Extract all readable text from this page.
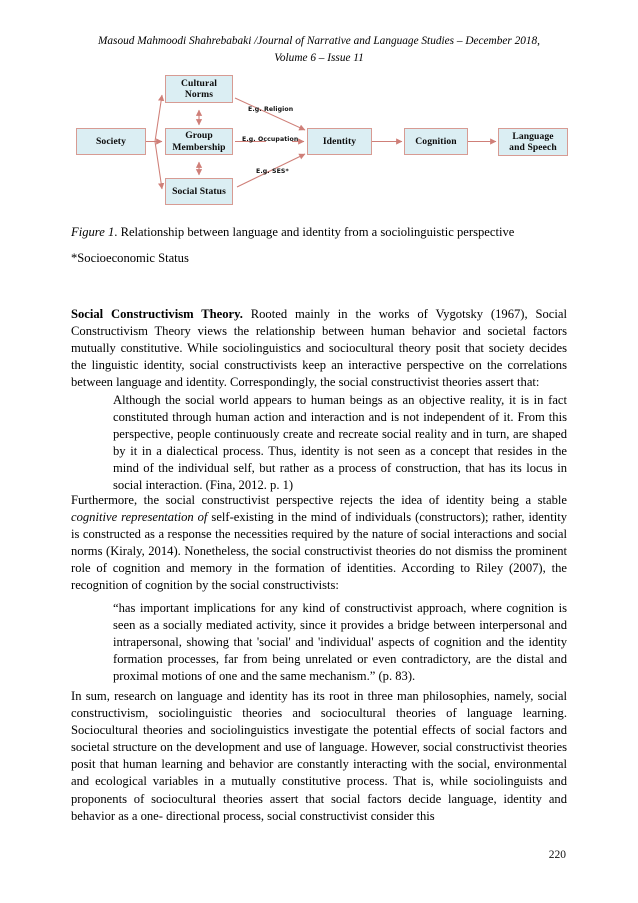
Masoud Mahmoodi Shahrebabaki /Journal of Narrative and Language Studies – December 2018,
Volume 6 – Issue 11
Society
Cultural
Norms
Group
Membership
Social Status
Identity	Cognition	Language
and Speech
E.g. Religion
E.g. Occupation
E.g. SES*
Figure 1. Relationship between language and identity from a sociolinguistic perspective
*Socioeconomic Status
Social Constructivism Theory. Rooted mainly in the works of Vygotsky (1967), Social Constructivism Theory views the relationship between human behavior and societal factors mutually constitutive. While sociolinguistics and sociocultural theory posit that society decides the linguistic identity, social constructivists keep an interactive perspective on the correlations between language and identity. Correspondingly, the social constructivist theories assert that:
Although the social world appears to human beings as an objective reality, it is in fact constituted through human action and interaction and is not independent of it. From this perspective, people continuously create and recreate social reality and in turn, are shaped by it in a dialectical process. Thus, identity is not seen as a concept that resides in the mind of the individual self, but rather as a process of construction, that has its locus in social interaction. (Fina, 2012. p. 1)
Furthermore, the social constructivist perspective rejects the idea of identity being a stable cognitive representation of self-existing in the mind of individuals (constructors); rather, identity is constructed as a response the necessities required by the nature of social interactions and social norms (Kiraly, 2014). Nonetheless, the social constructivist theories do not dismiss the prominent role of cognition and memory in the formation of identities. According to Riley (2007), the recognition of cognition by the social constructivists:
“has important implications for any kind of constructivist approach, where cognition is seen as a socially mediated activity, since it provides a bridge between interpersonal and intrapersonal, showing that 'social' and 'individual' aspects of cognition and the identity formation processes, far from being unrelated or even contradictory, are the distal and proximal motions of one and the same mechanism.” (p. 83).
In sum, research on language and identity has its root in three man philosophies, namely, social constructivism, sociolinguistic theories and sociocultural theories of language learning. Sociocultural theories and sociolinguistics investigate the potential effects of social factors and societal structure on the development and use of language. However, social constructivist theories posit that human learning and behavior are constantly interacting with the social, environmental and ecological variables in a mutually constitutive process. That is, while sociolinguists and proponents of sociocultural theories assert that social factors decide language, identity and behavior as a one- directional process, social constructivist consider this
220
